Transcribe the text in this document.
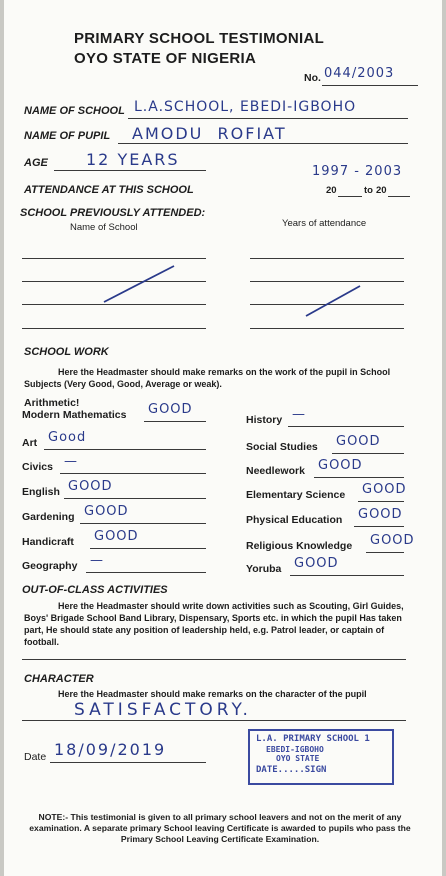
PRIMARY SCHOOL TESTIMONIAL
OYO STATE OF NIGERIA
No. 044/2003
NAME OF SCHOOL L.A.SCHOOL, EBEDI-IGBOHO
NAME OF PUPIL AMODU  ROFIAT
AGE 12 YEARS
ATTENDANCE AT THIS SCHOOL
1997 - 2003
20	to 20
SCHOOL PREVIOUSLY ATTENDED:
Name of School	Years of attendance
SCHOOL WORK
Here the Headmaster should make remarks on the work of the pupil in School Subjects (Very Good, Good, Average or weak).
Arithmetic!
OUT-OF-CLASS ACTIVITIES
Here the Headmaster should write down activities such as Scouting, Girl Guides, Boys' Brigade School Band Library, Dispensary, Sports etc. in which the pupil Has taken part, He should state any position of leadership held, e.g. Patrol leader, or captain of football.
CHARACTER
Here the Headmaster should make remarks on the character of the pupil
SATISFACTORY.
Date 18/09/2019
L.A. PRIMARY SCHOOL 1
EBEDI-IGBOHO
OYO STATE
DATE.....SIGN
NOTE:- This testimonial is given to all primary school leavers and not on the merit of any examination. A separate primary School leaving Certificate is awarded to pupils who pass the Primary School Leaving Certificate Examination.
Modern Mathematics GOOD
Art Good
Civics —
English GOOD
Gardening GOOD
Handicraft GOOD
Geography —
History —
Social Studies GOOD
Needlework GOOD
Elementary Science GOOD
Physical Education GOOD
Religious Knowledge GOOD
Yoruba GOOD
